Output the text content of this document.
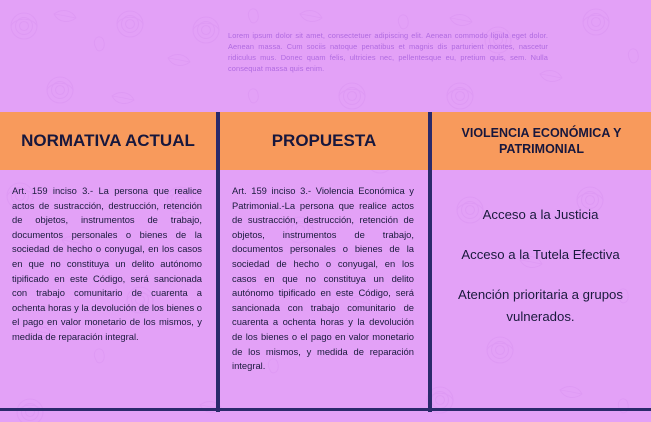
Lorem ipsum dolor sit amet, consectetuer adipiscing elit. Aenean commodo ligula eget dolor. Aenean massa. Cum sociis natoque penatibus et magnis dis parturient montes, nascetur ridiculus mus. Donec quam felis, ultricies nec, pellentesque eu, pretium quis, sem. Nulla consequat massa quis enim.
NORMATIVA ACTUAL
Art. 159 inciso 3.- La persona que realice actos de sustracción, destrucción, retención de objetos, instrumentos de trabajo, documentos personales o bienes de la sociedad de hecho o conyugal, en los casos en que no constituya un delito autónomo tipificado en este Código, será sancionada con trabajo comunitario de cuarenta a ochenta horas y la devolución de los bienes o el pago en valor monetario de los mismos, y medida de reparación integral.
PROPUESTA
Art. 159 inciso 3.- Violencia Económica y Patrimonial.-La persona que realice actos de sustracción, destrucción, retención de objetos, instrumentos de trabajo, documentos personales o bienes de la sociedad de hecho o conyugal, en los casos en que no constituya un delito autónomo tipificado en este Código, será sancionada con trabajo comunitario de cuarenta a ochenta horas y la devolución de los bienes o el pago en valor monetario de los mismos, y medida de reparación integral.
VIOLENCIA ECONÓMICA Y PATRIMONIAL

Acceso a la Justicia

Acceso a la Tutela Efectiva

Atención prioritaria a grupos vulnerados.
